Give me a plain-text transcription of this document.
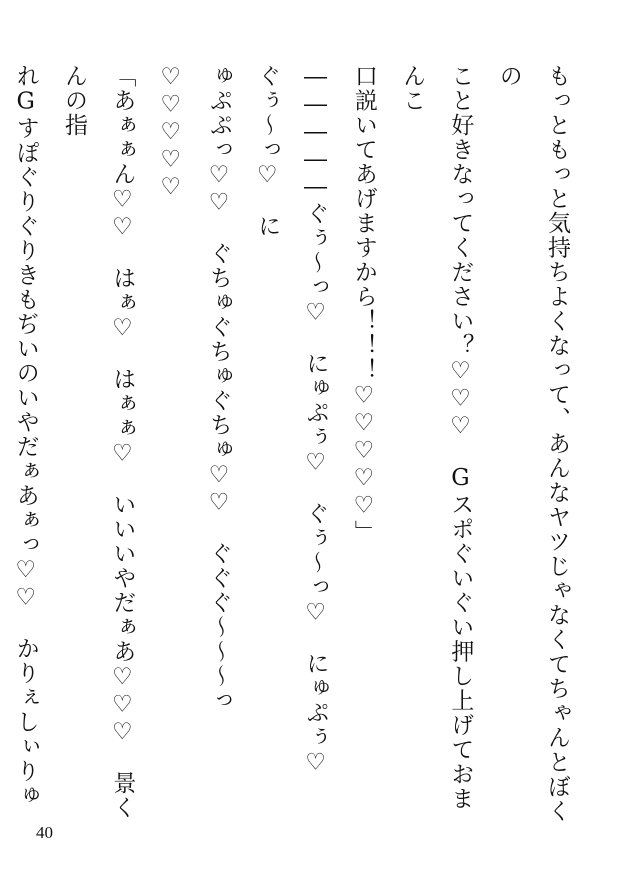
もっともっと気持ちよくなって、あんなヤツじゃなくてちゃんとぼくの

こと好きなってください？♡♡♡　Gスポぐいぐい押し上げておまんこ

口説いてあげますから！！！♡♡♡♡♡」

―――――ぐぅ〜っ♡　にゅぷぅ♡　ぐぅ〜っ♡　にゅぷぅ♡　ぐぅ〜っ♡　に

ゅぷぷっ♡♡　ぐちゅぐちゅぐちゅ♡♡　ぐぐぐ〜〜〜っ♡♡♡♡♡

「あぁぁん♡♡　はぁ♡　はぁぁ♡　いいいやだぁあ♡♡♡　景くんの指

れGすぽぐりぐりきもぢいのいやだぁあぁっ♡♡　かりぇしぃりゅ

40
